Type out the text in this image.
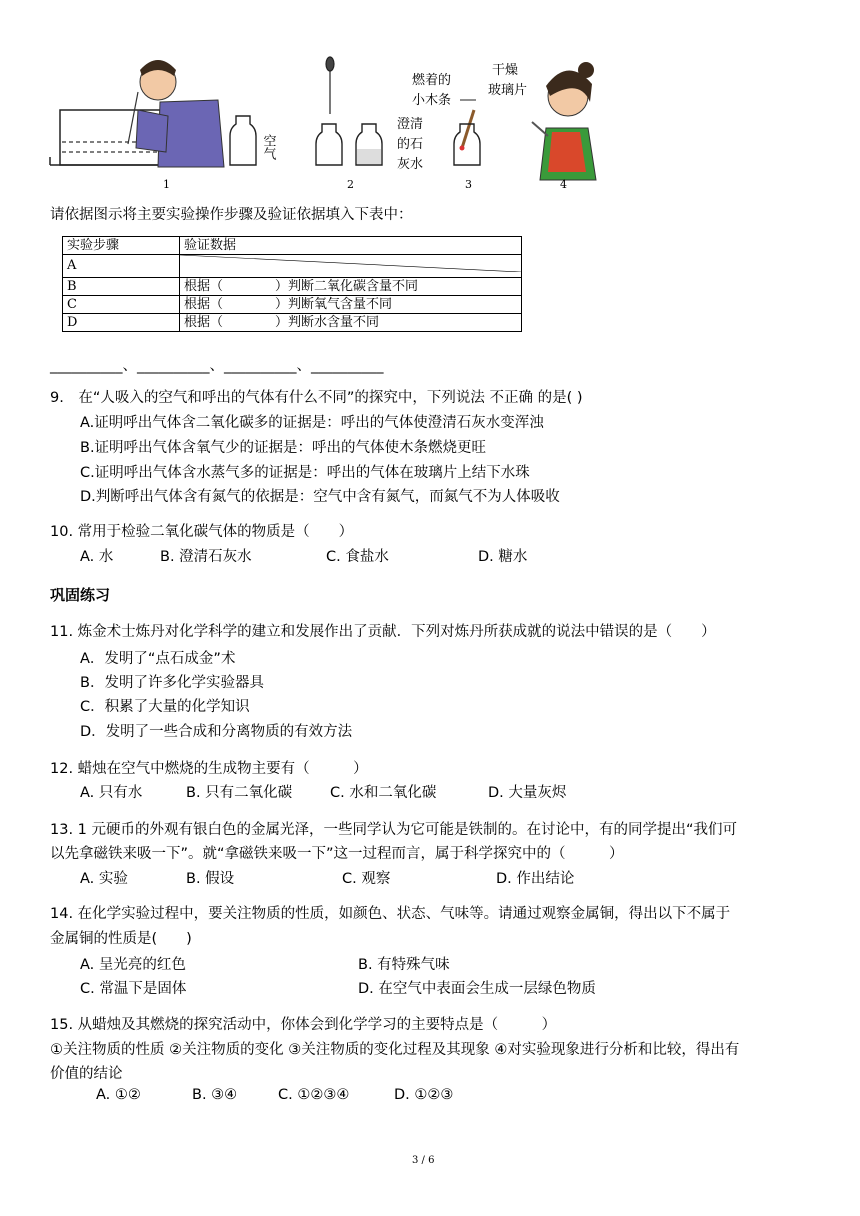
空气
澄清的石灰水
燃着的小木条
干燥玻璃片
1	2	3	4
请依据图示将主要实验操作步骤及验证依据填入下表中：
实验步骤	验证数据
A	
B	根据（　　　　）判断二氧化碳含量不同
C	根据（　　　　）判断氧气含量不同
D	根据（　　　　）判断水含量不同
__________、__________、__________、__________
9.　在“人吸入的空气和呼出的气体有什么不同”的探究中，下列说法 不正确 的是( )
A.证明呼出气体含二氧化碳多的证据是：呼出的气体使澄清石灰水变浑浊
B.证明呼出气体含氧气少的证据是：呼出的气体使木条燃烧更旺
C.证明呼出气体含水蒸气多的证据是：呼出的气体在玻璃片上结下水珠
D.判断呼出气体含有氮气的依据是：空气中含有氮气，而氮气不为人体吸收
10. 常用于检验二氧化碳气体的物质是（　　）
A. 水	B. 澄清石灰水	C. 食盐水	D. 糖水
巩固练习
11. 炼金术士炼丹对化学科学的建立和发展作出了贡献．下列对炼丹所获成就的说法中错误的是（　　）
A．发明了“点石成金”术
B．发明了许多化学实验器具
C．积累了大量的化学知识
D．发明了一些合成和分离物质的有效方法
12. 蜡烛在空气中燃烧的生成物主要有（　　　）
A. 只有水	B. 只有二氧化碳	C. 水和二氧化碳	D. 大量灰烬
13. 1 元硬币的外观有银白色的金属光泽，一些同学认为它可能是铁制的。在讨论中，有的同学提出“我们可
以先拿磁铁来吸一下”。就“拿磁铁来吸一下”这一过程而言，属于科学探究中的（　　　）
A. 实验	B. 假设	C. 观察	D. 作出结论
14. 在化学实验过程中，要关注物质的性质，如颜色、状态、气味等。请通过观察金属铜，得出以下不属于
金属铜的性质是(　　)
A. 呈光亮的红色	B. 有特殊气味
C. 常温下是固体	D. 在空气中表面会生成一层绿色物质
15. 从蜡烛及其燃烧的探究活动中，你体会到化学学习的主要特点是（　　　）
①关注物质的性质 ②关注物质的变化 ③关注物质的变化过程及其现象 ④对实验现象进行分析和比较，得出有
价值的结论
A. ①②	B. ③④	C. ①②③④	D. ①②③
3 / 6
